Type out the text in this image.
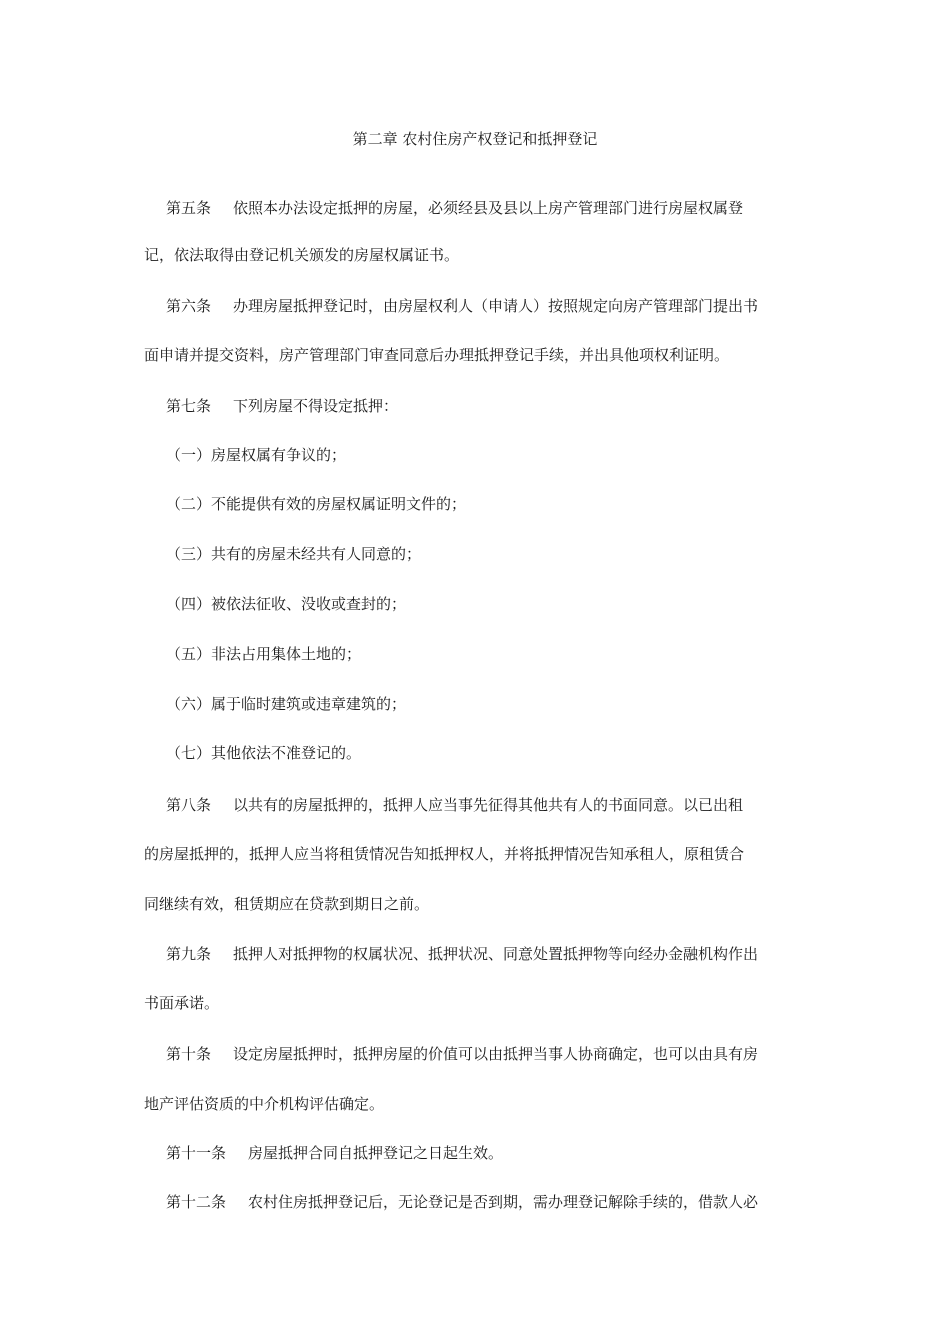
第二章 农村住房产权登记和抵押登记
第五条 依照本办法设定抵押的房屋，必须经县及县以上房产管理部门进行房屋权属登
记，依法取得由登记机关颁发的房屋权属证书。
第六条 办理房屋抵押登记时，由房屋权利人（申请人）按照规定向房产管理部门提出书
面申请并提交资料，房产管理部门审查同意后办理抵押登记手续，并出具他项权利证明。
第七条 下列房屋不得设定抵押：
（一）房屋权属有争议的；
（二）不能提供有效的房屋权属证明文件的；
（三）共有的房屋未经共有人同意的；
（四）被依法征收、没收或查封的；
（五）非法占用集体土地的；
（六）属于临时建筑或违章建筑的；
（七）其他依法不准登记的。
第八条 以共有的房屋抵押的，抵押人应当事先征得其他共有人的书面同意。以已出租
的房屋抵押的，抵押人应当将租赁情况告知抵押权人，并将抵押情况告知承租人，原租赁合
同继续有效，租赁期应在贷款到期日之前。
第九条 抵押人对抵押物的权属状况、抵押状况、同意处置抵押物等向经办金融机构作出
书面承诺。
第十条 设定房屋抵押时，抵押房屋的价值可以由抵押当事人协商确定，也可以由具有房
地产评估资质的中介机构评估确定。
第十一条 房屋抵押合同自抵押登记之日起生效。
第十二条 农村住房抵押登记后，无论登记是否到期，需办理登记解除手续的，借款人必
